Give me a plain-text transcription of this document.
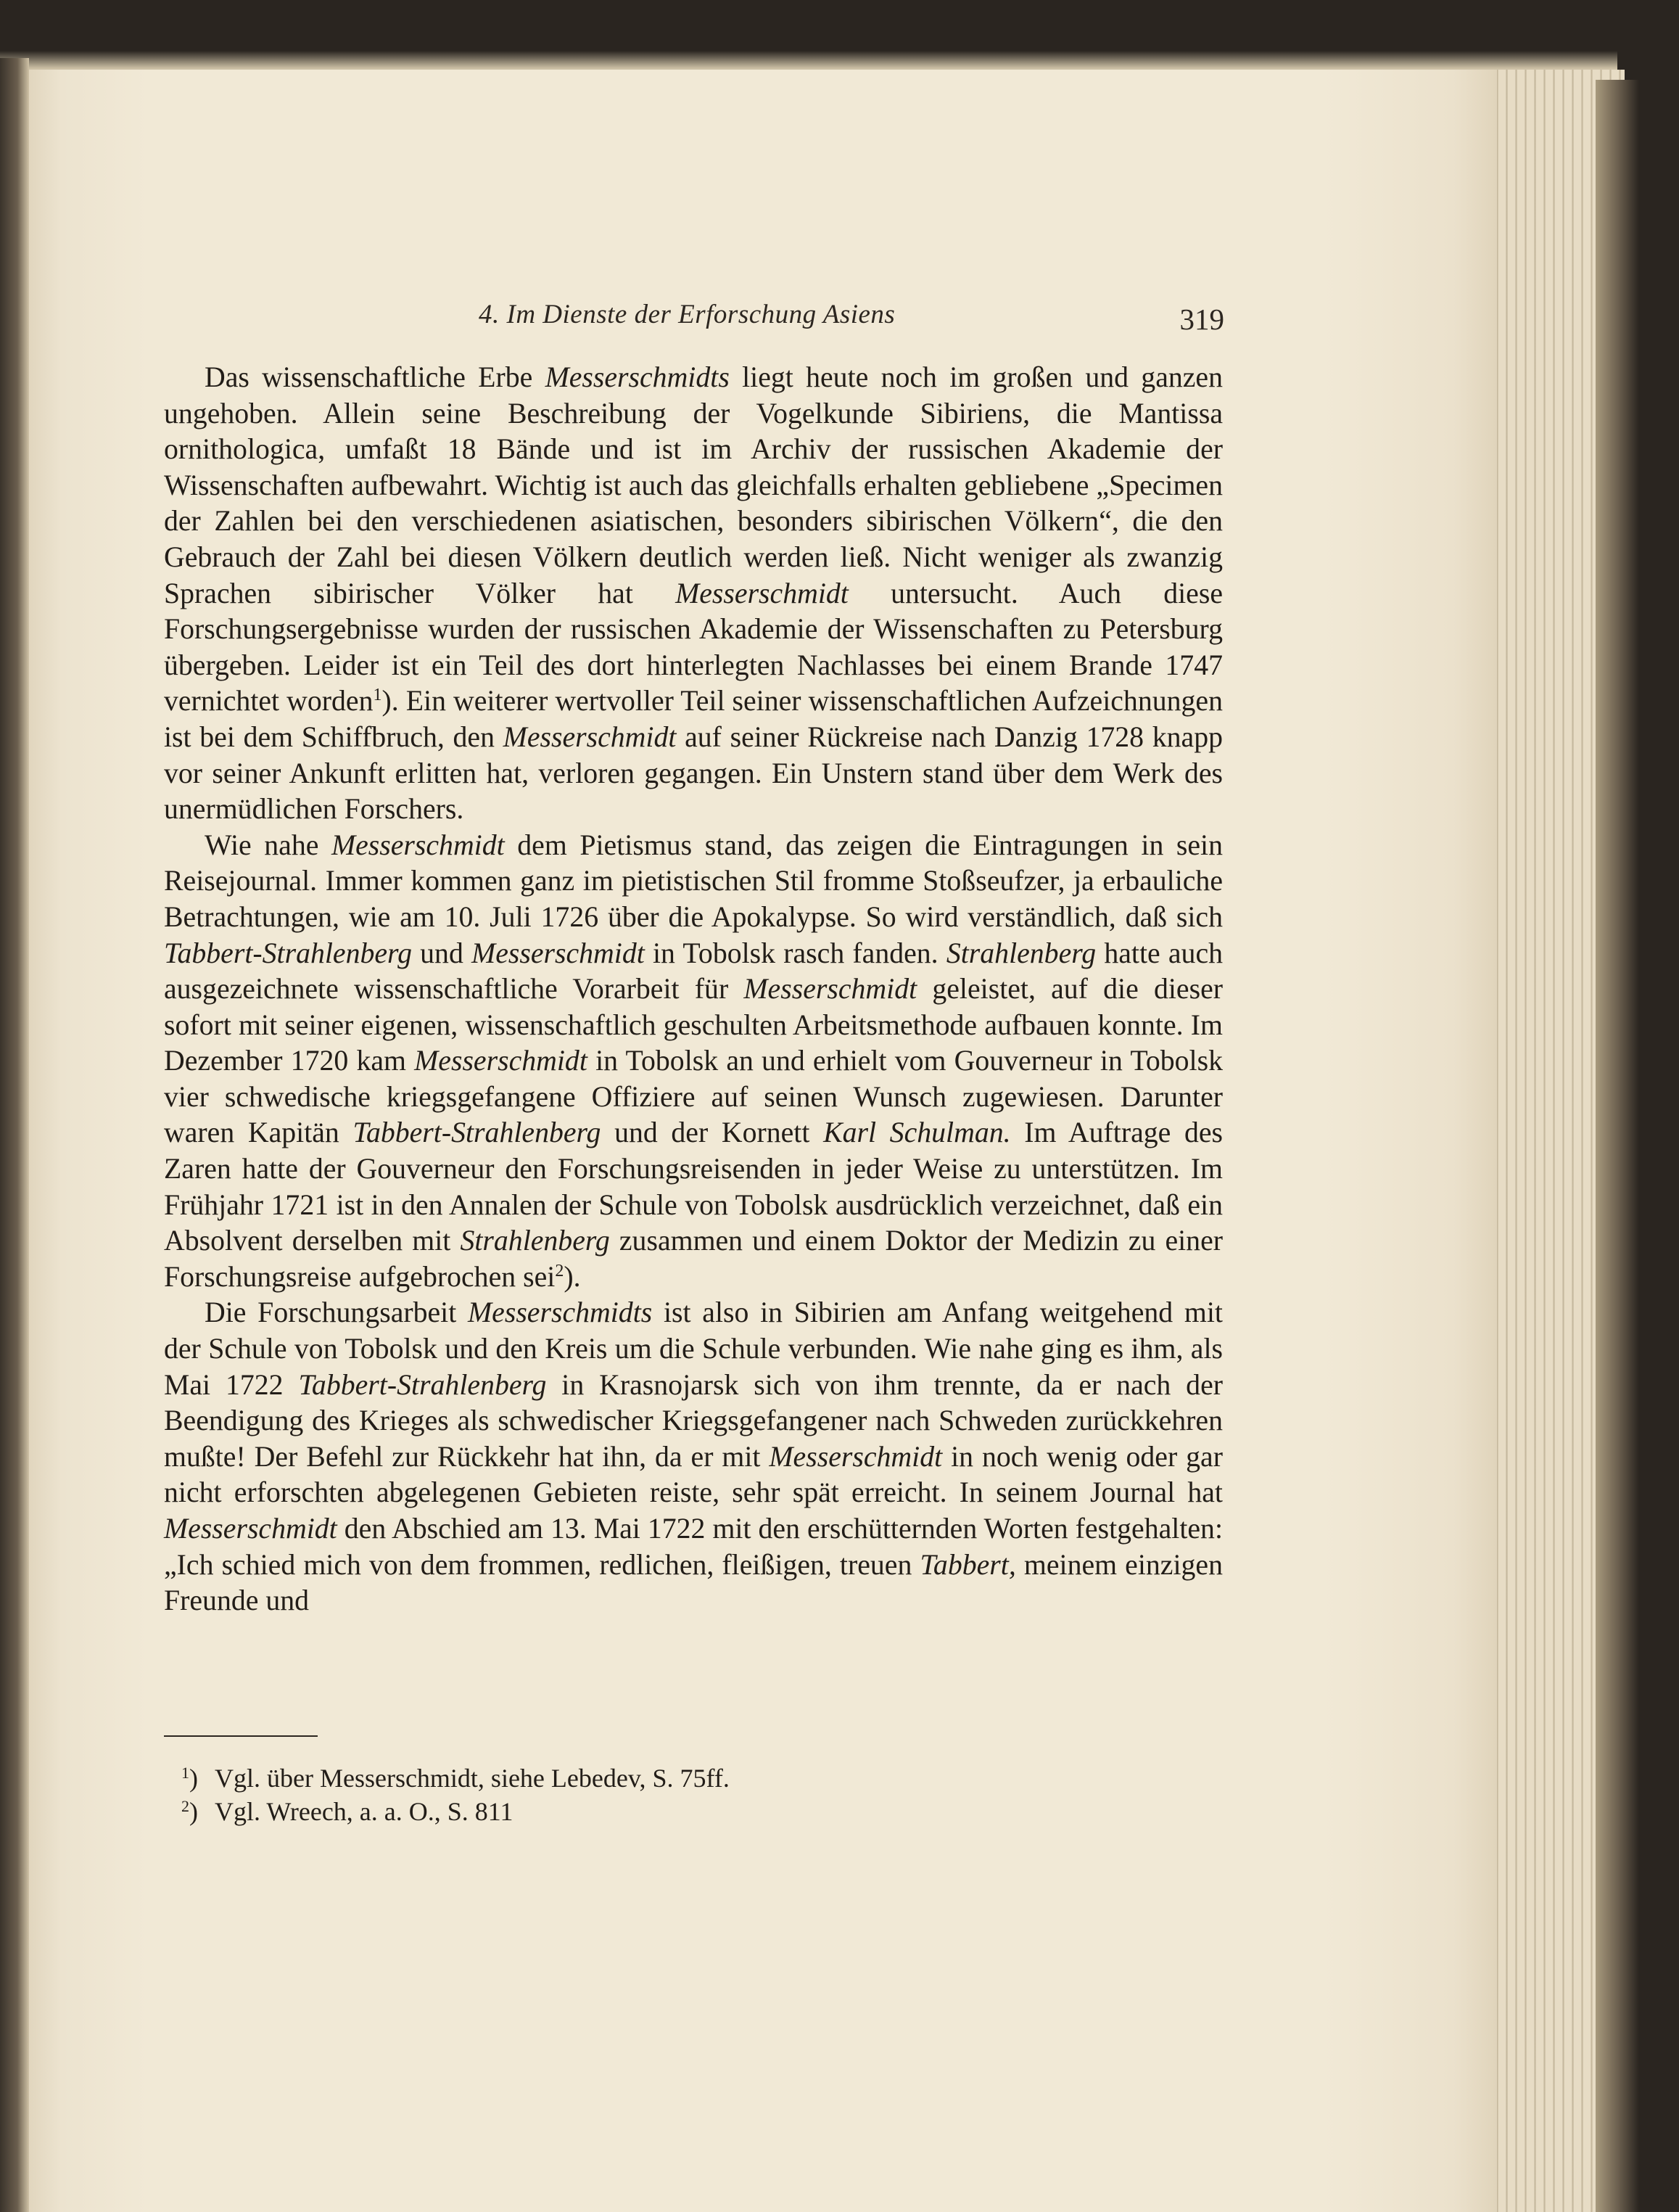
4. Im Dienste der Erforschung Asiens	319

Das wissenschaftliche Erbe Messerschmidts liegt heute noch im großen und ganzen ungehoben. Allein seine Beschreibung der Vogelkunde Sibiriens, die Mantissa ornithologica, umfaßt 18 Bände und ist im Archiv der russischen Akademie der Wissenschaften aufbewahrt. Wichtig ist auch das gleichfalls erhalten gebliebene „Specimen der Zahlen bei den verschiedenen asiatischen, besonders sibirischen Völkern“, die den Gebrauch der Zahl bei diesen Völkern deutlich werden ließ. Nicht weniger als zwanzig Sprachen sibirischer Völker hat Messerschmidt untersucht. Auch diese Forschungsergebnisse wurden der russischen Akademie der Wissenschaften zu Petersburg übergeben. Leider ist ein Teil des dort hinterlegten Nachlasses bei einem Brande 1747 vernichtet worden$^1$). Ein weiterer wertvoller Teil seiner wissenschaftlichen Aufzeichnungen ist bei dem Schiffbruch, den Messerschmidt auf seiner Rückreise nach Danzig 1728 knapp vor seiner Ankunft erlitten hat, verloren gegangen. Ein Unstern stand über dem Werk des unermüdlichen Forschers.

Wie nahe Messerschmidt dem Pietismus stand, das zeigen die Eintragungen in sein Reisejournal. Immer kommen ganz im pietistischen Stil fromme Stoßseufzer, ja erbauliche Betrachtungen, wie am 10. Juli 1726 über die Apokalypse. So wird verständlich, daß sich Tabbert-Strahlenberg und Messerschmidt in Tobolsk rasch fanden. Strahlenberg hatte auch ausgezeichnete wissenschaftliche Vorarbeit für Messerschmidt geleistet, auf die dieser sofort mit seiner eigenen, wissenschaftlich geschulten Arbeitsmethode aufbauen konnte. Im Dezember 1720 kam Messerschmidt in Tobolsk an und erhielt vom Gouverneur in Tobolsk vier schwedische kriegsgefangene Offiziere auf seinen Wunsch zugewiesen. Darunter waren Kapitän Tabbert-Strahlenberg und der Kornett Karl Schulman. Im Auftrage des Zaren hatte der Gouverneur den Forschungsreisenden in jeder Weise zu unterstützen. Im Frühjahr 1721 ist in den Annalen der Schule von Tobolsk ausdrücklich verzeichnet, daß ein Absolvent derselben mit Strahlenberg zusammen und einem Doktor der Medizin zu einer Forschungsreise aufgebrochen sei$^2$).

Die Forschungsarbeit Messerschmidts ist also in Sibirien am Anfang weitgehend mit der Schule von Tobolsk und den Kreis um die Schule verbunden. Wie nahe ging es ihm, als Mai 1722 Tabbert-Strahlenberg in Krasnojarsk sich von ihm trennte, da er nach der Beendigung des Krieges als schwedischer Kriegsgefangener nach Schweden zurückkehren mußte! Der Befehl zur Rückkehr hat ihn, da er mit Messerschmidt in noch wenig oder gar nicht erforschten abgelegenen Gebieten reiste, sehr spät erreicht. In seinem Journal hat Messerschmidt den Abschied am 13. Mai 1722 mit den erschütternden Worten festgehalten: „Ich schied mich von dem frommen, redlichen, fleißigen, treuen Tabbert, meinem einzigen Freunde und

$^1$) Vgl. über Messerschmidt, siehe Lebedev, S. 75ff.
$^2$) Vgl. Wreech, a. a. O., S. 811
